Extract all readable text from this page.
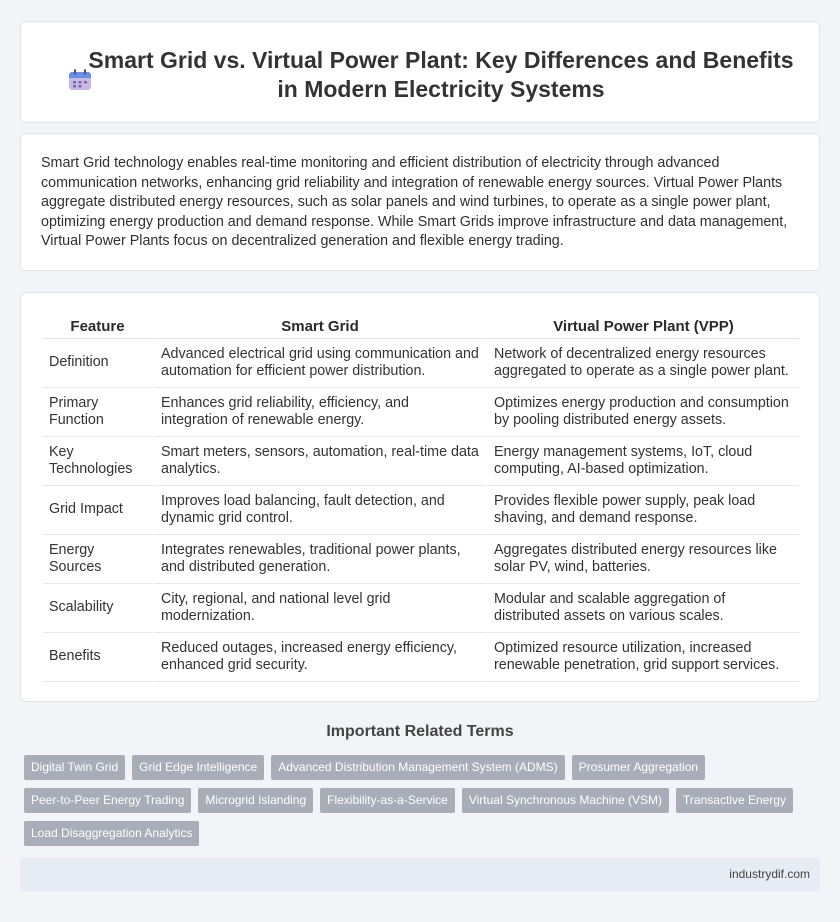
Smart Grid vs. Virtual Power Plant: Key Differences and Benefits in Modern Electricity Systems

Smart Grid technology enables real-time monitoring and efficient distribution of electricity through advanced communication networks, enhancing grid reliability and integration of renewable energy sources. Virtual Power Plants aggregate distributed energy resources, such as solar panels and wind turbines, to operate as a single power plant, optimizing energy production and demand response. While Smart Grids improve infrastructure and data management, Virtual Power Plants focus on decentralized generation and flexible energy trading.

Feature	Smart Grid	Virtual Power Plant (VPP)
Definition	Advanced electrical grid using communication and automation for efficient power distribution.	Network of decentralized energy resources aggregated to operate as a single power plant.
Primary Function	Enhances grid reliability, efficiency, and integration of renewable energy.	Optimizes energy production and consumption by pooling distributed energy assets.
Key Technologies	Smart meters, sensors, automation, real-time data analytics.	Energy management systems, IoT, cloud computing, AI-based optimization.
Grid Impact	Improves load balancing, fault detection, and dynamic grid control.	Provides flexible power supply, peak load shaving, and demand response.
Energy Sources	Integrates renewables, traditional power plants, and distributed generation.	Aggregates distributed energy resources like solar PV, wind, batteries.
Scalability	City, regional, and national level grid modernization.	Modular and scalable aggregation of distributed assets on various scales.
Benefits	Reduced outages, increased energy efficiency, enhanced grid security.	Optimized resource utilization, increased renewable penetration, grid support services.
Important Related Terms
Digital Twin Grid	Grid Edge Intelligence	Advanced Distribution Management System (ADMS)	Prosumer Aggregation
Peer-to-Peer Energy Trading	Microgrid Islanding	Flexibility-as-a-Service	Virtual Synchronous Machine (VSM)	Transactive Energy
Load Disaggregation Analytics
industrydif.com
